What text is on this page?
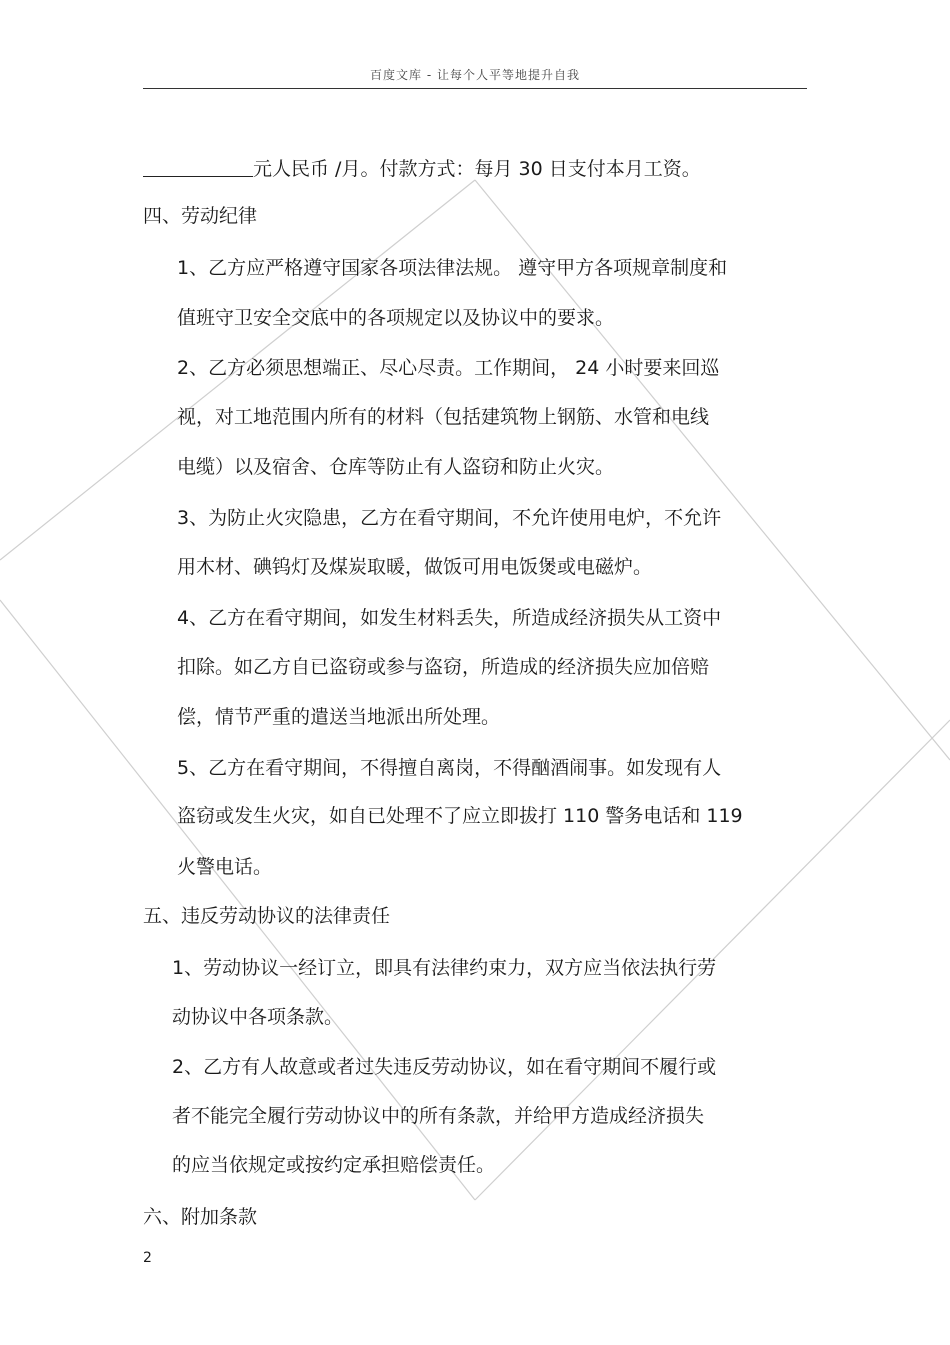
百度文库 - 让每个人平等地提升自我
元人民币 /月。付款方式：每月 30 日支付本月工资。
四、劳动纪律
1、乙方应严格遵守国家各项法律法规。 遵守甲方各项规章制度和
值班守卫安全交底中的各项规定以及协议中的要求。
2、乙方必须思想端正、尽心尽责。工作期间， 24 小时要来回巡
视，对工地范围内所有的材料（包括建筑物上钢筋、水管和电线
电缆）以及宿舍、仓库等防止有人盗窃和防止火灾。
3、为防止火灾隐患，乙方在看守期间，不允许使用电炉，不允许
用木材、碘钨灯及煤炭取暖，做饭可用电饭煲或电磁炉。
4、乙方在看守期间，如发生材料丢失，所造成经济损失从工资中
扣除。如乙方自已盗窃或参与盗窃，所造成的经济损失应加倍赔
偿，情节严重的遣送当地派出所处理。
5、乙方在看守期间，不得擅自离岗，不得酗酒闹事。如发现有人
盗窃或发生火灾，如自已处理不了应立即拔打 110 警务电话和 119
火警电话。
五、违反劳动协议的法律责任
1、劳动协议一经订立，即具有法律约束力，双方应当依法执行劳
动协议中各项条款。
2、乙方有人故意或者过失违反劳动协议，如在看守期间不履行或
者不能完全履行劳动协议中的所有条款，并给甲方造成经济损失
的应当依规定或按约定承担赔偿责任。
六、附加条款
2
